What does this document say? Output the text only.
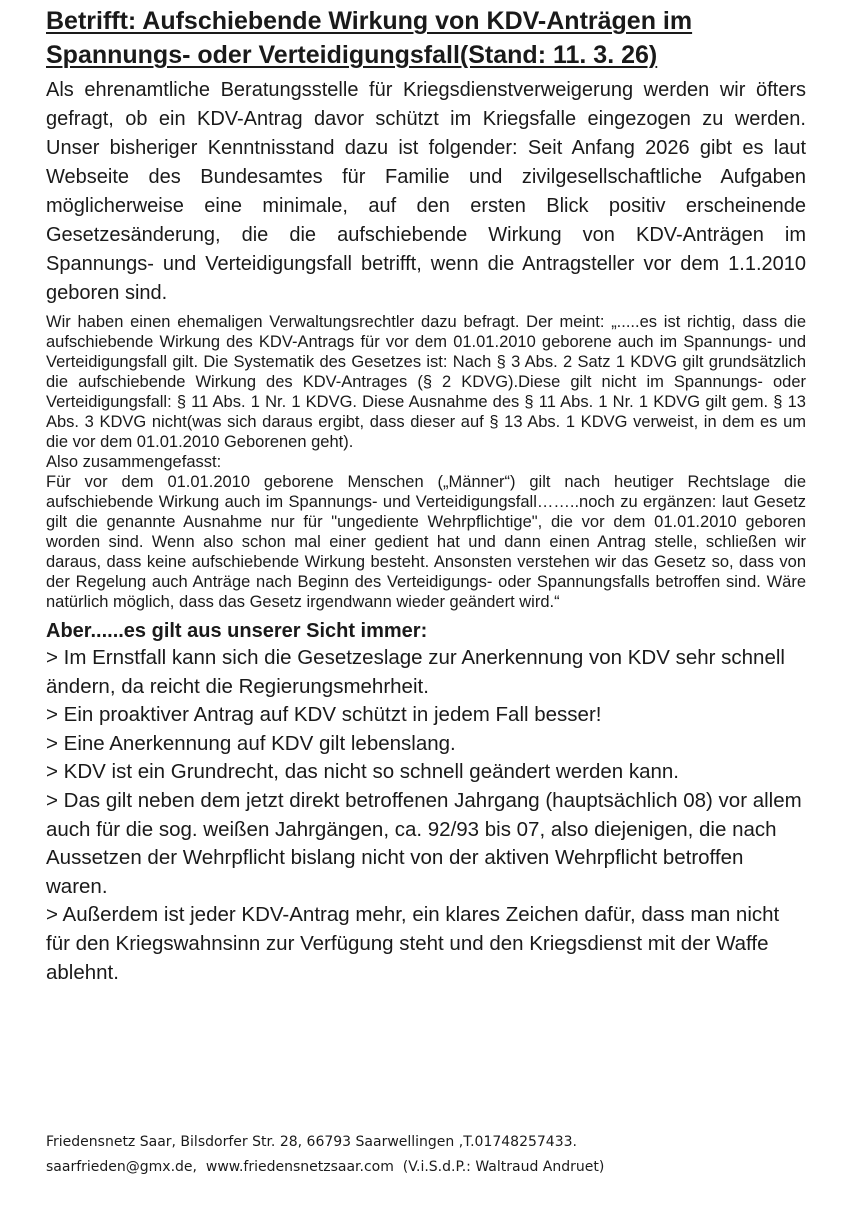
Betrifft: Aufschiebende Wirkung von KDV-Anträgen im Spannungs- oder Verteidigungsfall(Stand: 11. 3. 26)

Als ehrenamtliche Beratungsstelle für Kriegsdienstverweigerung werden wir öfters gefragt, ob ein KDV-Antrag davor schützt im Kriegsfalle eingezogen zu werden. Unser bisheriger Kenntnisstand dazu ist folgender: Seit Anfang 2026 gibt es laut Webseite des Bundesamtes für Familie und zivilgesellschaftliche Aufgaben möglicherweise eine minimale, auf den ersten Blick positiv erscheinende Gesetzesänderung, die die aufschiebende Wirkung von KDV-Anträgen im Spannungs- und Verteidigungsfall betrifft, wenn die Antragsteller vor dem 1.1.2010 geboren sind.

Wir haben einen ehemaligen Verwaltungsrechtler dazu befragt. Der meint: „.....es ist richtig, dass die aufschiebende Wirkung des KDV-Antrags für vor dem 01.01.2010 geborene auch im Spannungs- und Verteidigungsfall gilt. Die Systematik des Gesetzes ist: Nach § 3 Abs. 2 Satz 1 KDVG gilt grundsätzlich die aufschiebende Wirkung des KDV-Antrages (§ 2 KDVG).Diese gilt nicht im Spannungs- oder Verteidigungsfall: § 11 Abs. 1 Nr. 1 KDVG. Diese Ausnahme des § 11 Abs. 1 Nr. 1 KDVG gilt gem. § 13 Abs. 3 KDVG nicht(was sich daraus ergibt, dass dieser auf § 13 Abs. 1 KDVG verweist, in dem es um die vor dem 01.01.2010 Geborenen geht).

Also zusammengefasst:

Für vor dem 01.01.2010 geborene Menschen („Männer“) gilt nach heutiger Rechtslage die aufschiebende Wirkung auch im Spannungs- und Verteidigungsfall……..noch zu ergänzen: laut Gesetz gilt die genannte Ausnahme nur für "ungediente Wehrpflichtige", die vor dem 01.01.2010 geboren worden sind. Wenn also schon mal einer gedient hat und dann einen Antrag stelle, schließen wir daraus, dass keine aufschiebende Wirkung besteht. Ansonsten verstehen wir das Gesetz so, dass von der Regelung auch Anträge nach Beginn des Verteidigungs- oder Spannungsfalls betroffen sind. Wäre natürlich möglich, dass das Gesetz irgendwann wieder geändert wird.“

Aber......es gilt aus unserer Sicht immer:
> Im Ernstfall kann sich die Gesetzeslage zur Anerkennung von KDV sehr schnell ändern, da reicht die Regierungsmehrheit.
> Ein proaktiver Antrag auf KDV schützt in jedem Fall besser!
> Eine Anerkennung auf KDV gilt lebenslang.
> KDV ist ein Grundrecht, das nicht so schnell geändert werden kann.
> Das gilt neben dem jetzt direkt betroffenen Jahrgang (hauptsächlich 08) vor allem auch für die sog. weißen Jahrgängen, ca. 92/93 bis 07, also diejenigen, die nach Aussetzen der Wehrpflicht bislang nicht von der aktiven Wehrpflicht betroffen waren.
> Außerdem ist jeder KDV-Antrag mehr, ein klares Zeichen dafür, dass man nicht für den Kriegswahnsinn zur Verfügung steht und den Kriegsdienst mit der Waffe ablehnt.
Friedensnetz Saar, Bilsdorfer Str. 28, 66793 Saarwellingen ,T.01748257433.
saarfrieden@gmx.de, www.friedensnetzsaar.com (V.i.S.d.P.: Waltraud Andruet)
